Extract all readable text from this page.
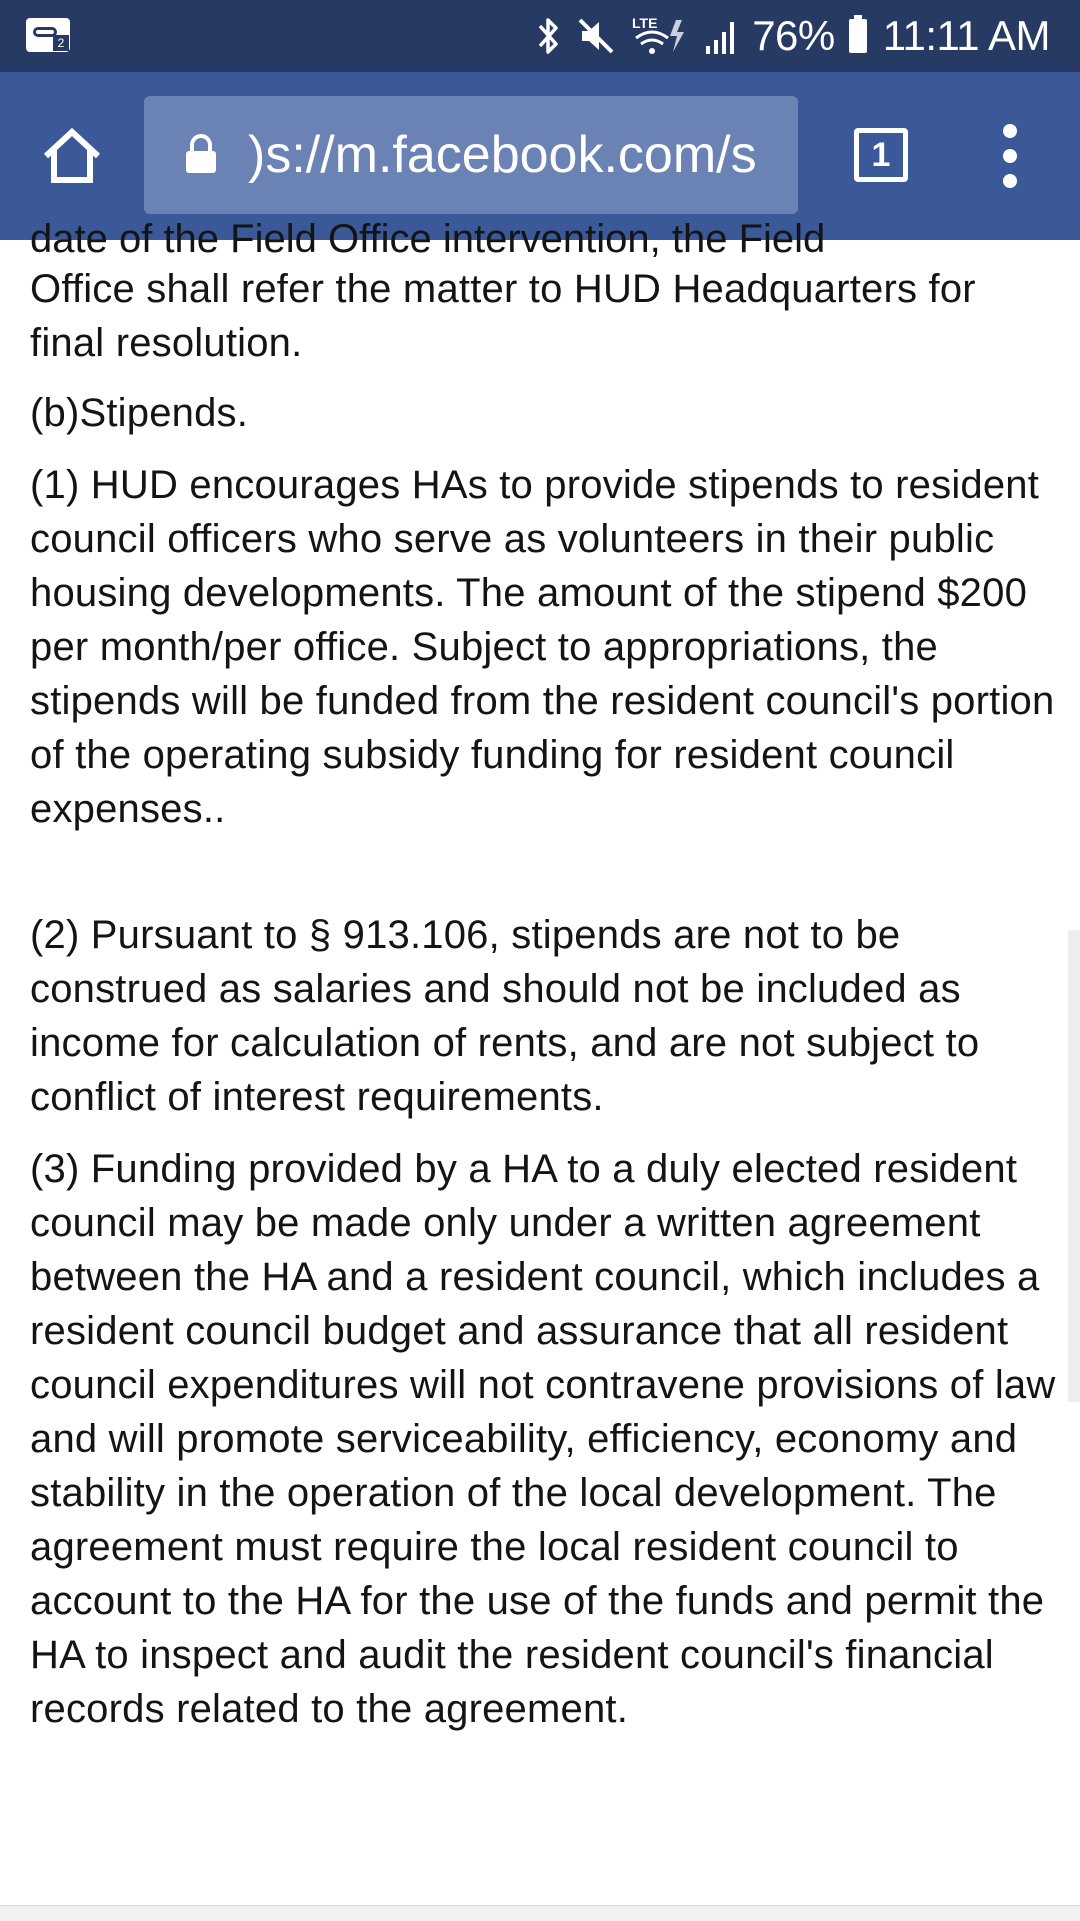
2
LTE 76% 11:11 AM
)s://m.facebook.com/s	1

date of the Field Office intervention, the Field

Office shall refer the matter to HUD Headquarters for final resolution.

(b)Stipends.

(1) HUD encourages HAs to provide stipends to resident council officers who serve as volunteers in their public housing developments. The amount of the stipend $200 per month/per office. Subject to appropriations, the stipends will be funded from the resident council's portion of the operating subsidy funding for resident council expenses..

(2) Pursuant to § 913.106, stipends are not to be construed as salaries and should not be included as income for calculation of rents, and are not subject to conflict of interest requirements.

(3) Funding provided by a HA to a duly elected resident council may be made only under a written agreement between the HA and a resident council, which includes a resident council budget and assurance that all resident council expenditures will not contravene provisions of law and will promote serviceability, efficiency, economy and stability in the operation of the local development. The agreement must require the local resident council to account to the HA for the use of the funds and permit the HA to inspect and audit the resident council's financial records related to the agreement.
